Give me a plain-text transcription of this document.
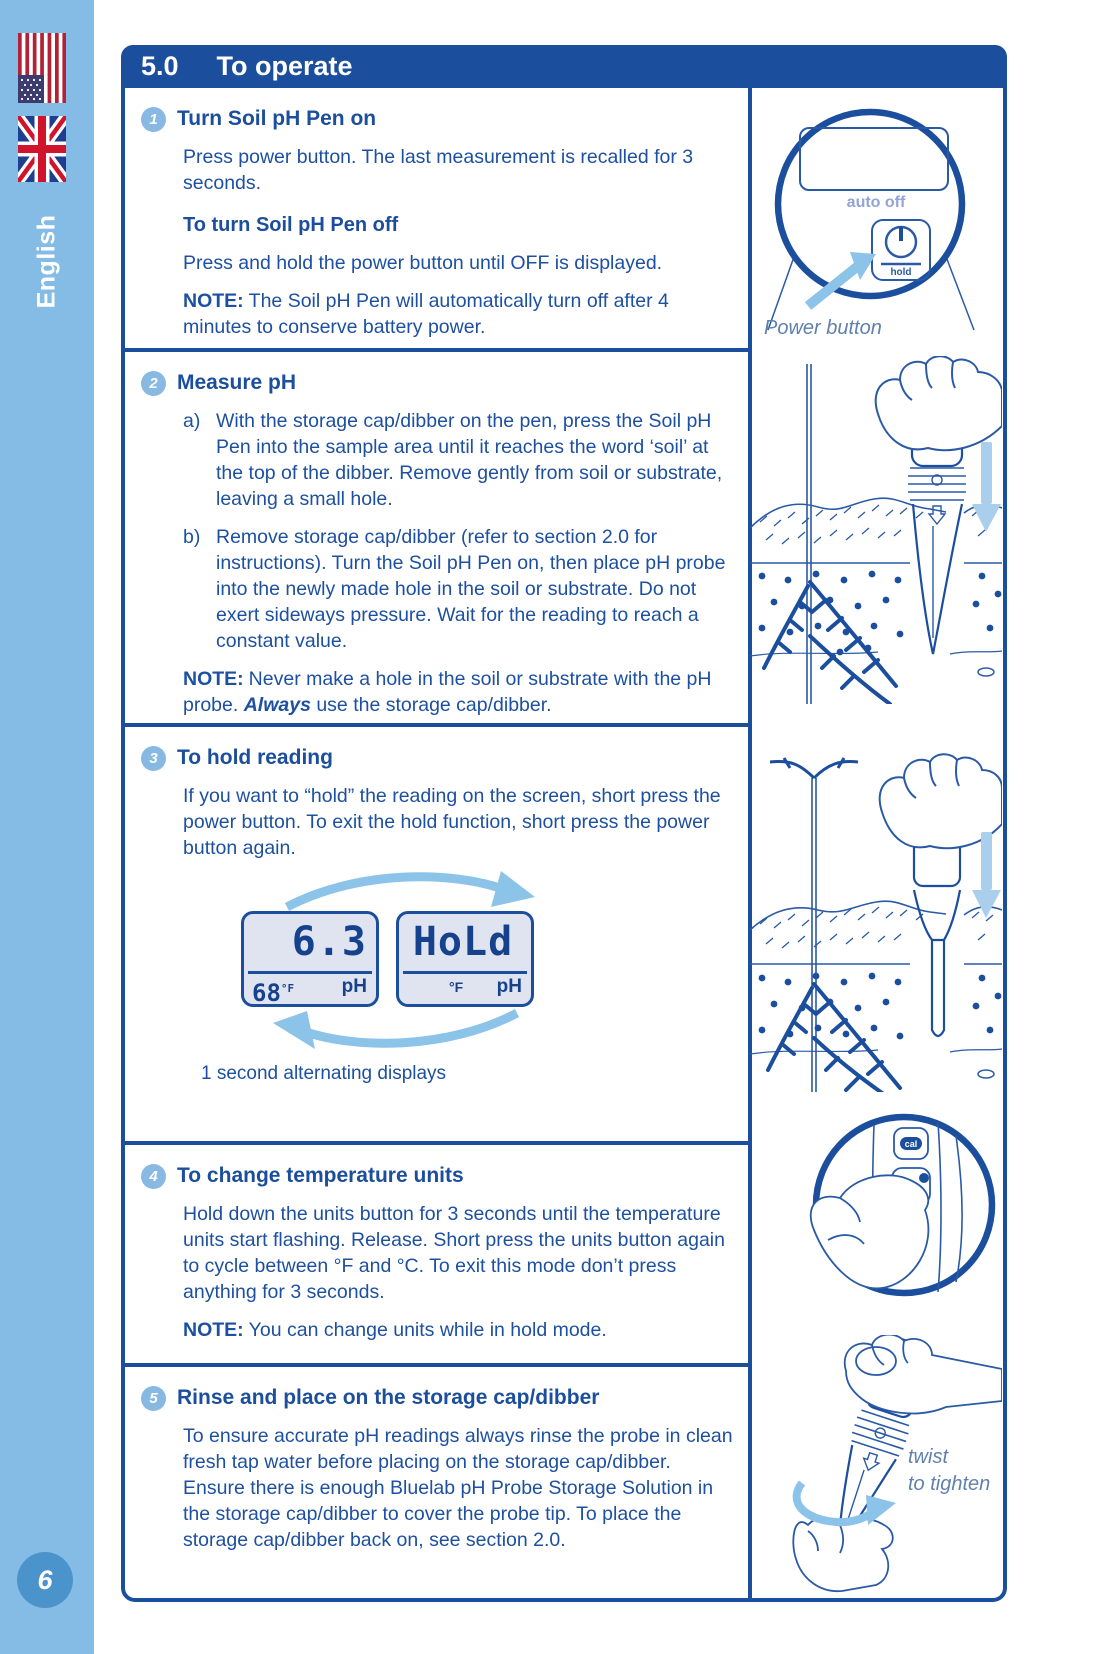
English
6
5.0 To operate
1 Turn Soil pH Pen on

Press power button. The last measurement is recalled for 3 seconds.

To turn Soil pH Pen off

Press and hold the power button until OFF is displayed.

NOTE: The Soil pH Pen will automatically turn off after 4 minutes to conserve battery power.

2 Measure pH
a) With the storage cap/dibber on the pen, press the Soil pH Pen into the sample area until it reaches the word ‘soil’ at the top of the dibber. Remove gently from soil or substrate, leaving a small hole.
b) Remove storage cap/dibber (refer to section 2.0 for instructions). Turn the Soil pH Pen on, then place pH probe into the newly made hole in the soil or substrate. Do not exert sideways pressure. Wait for the reading to reach a constant value.

NOTE: Never make a hole in the soil or substrate with the pH probe. Always use the storage cap/dibber.

3 To hold reading

If you want to “hold” the reading on the screen, short press the power button. To exit the hold function, short press the power button again.

6.3
$68^{^\circ F}$	pH
HoLd
°F pH
1 second alternating displays
4 To change temperature units

Hold down the units button for 3 seconds until the temperature units start flashing. Release. Short press the units button again to cycle between °F and °C. To exit this mode don’t press anything for 3 seconds.

NOTE: You can change units while in hold mode.

5 Rinse and place on the storage cap/dibber

To ensure accurate pH readings always rinse the probe in clean fresh tap water before placing on the storage cap/dibber. Ensure there is enough Bluelab pH Probe Storage Solution in the storage cap/dibber to cover the probe tip. To place the storage cap/dibber back on, see section 2.0.

auto off
hold
Power button
cal
twist
to tighten
